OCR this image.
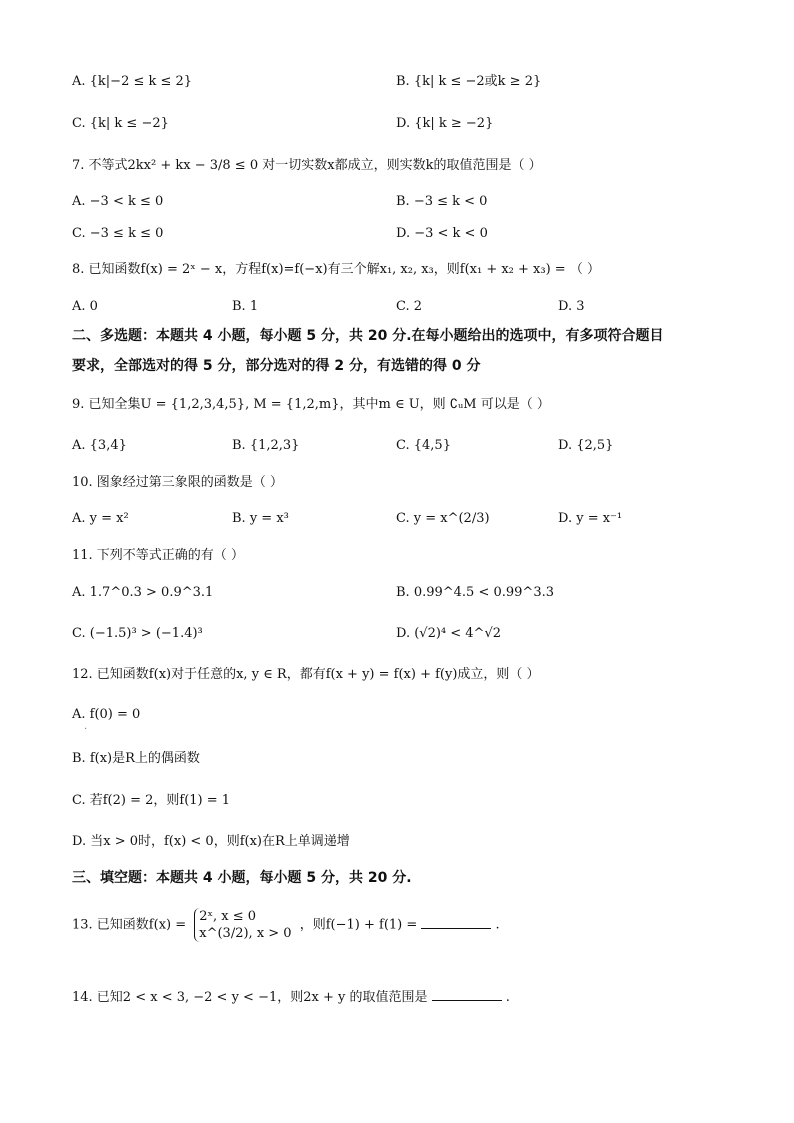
A. {k|−2 ≤ k ≤ 2}	B. {k| k ≤ −2或k ≥ 2}
C. {k| k ≤ −2}	D. {k| k ≥ −2}
7. 不等式2kx² + kx − 3/8 ≤ 0 对一切实数x都成立，则实数k的取值范围是（ ）
A. −3 < k ≤ 0	B. −3 ≤ k < 0
C. −3 ≤ k ≤ 0	D. −3 < k < 0
8. 已知函数f(x) = 2ˣ − x，方程f(x)=f(−x)有三个解x₁, x₂, x₃，则f(x₁ + x₂ + x₃) = （ ）
A. 0	B. 1	C. 2	D. 3
二、多选题：本题共 4 小题，每小题 5 分，共 20 分.在每小题给出的选项中，有多项符合题目
要求，全部选对的得 5 分，部分选对的得 2 分，有选错的得 0 分
9. 已知全集U = {1,2,3,4,5}, M = {1,2,m}，其中m ∈ U，则 ∁ᵤM 可以是（ ）
A. {3,4}	B. {1,2,3}	C. {4,5}	D. {2,5}
10. 图象经过第三象限的函数是（ ）
A. y = x²	B. y = x³	C. y = x^(2/3)	D. y = x⁻¹
11. 下列不等式正确的有（ ）
A. 1.7^0.3 > 0.9^3.1	B. 0.99^4.5 < 0.99^3.3
C. (−1.5)³ > (−1.4)³	D. (√2)⁴ < 4^√2
12. 已知函数f(x)对于任意的x, y ∈ R，都有f(x + y) = f(x) + f(y)成立，则（ ）
A. f(0) = 0
·
B. f(x)是R上的偶函数
C. 若f(2) = 2，则f(1) = 1
D. 当x > 0时，f(x) < 0，则f(x)在R上单调递增
三、填空题：本题共 4 小题，每小题 5 分，共 20 分.
13. 已知函数f(x) =
2ˣ, x ≤ 0
x^(3/2), x > 0
，则f(−1) + f(1) =	.
14. 已知2 < x < 3, −2 < y < −1，则2x + y 的取值范围是	.
